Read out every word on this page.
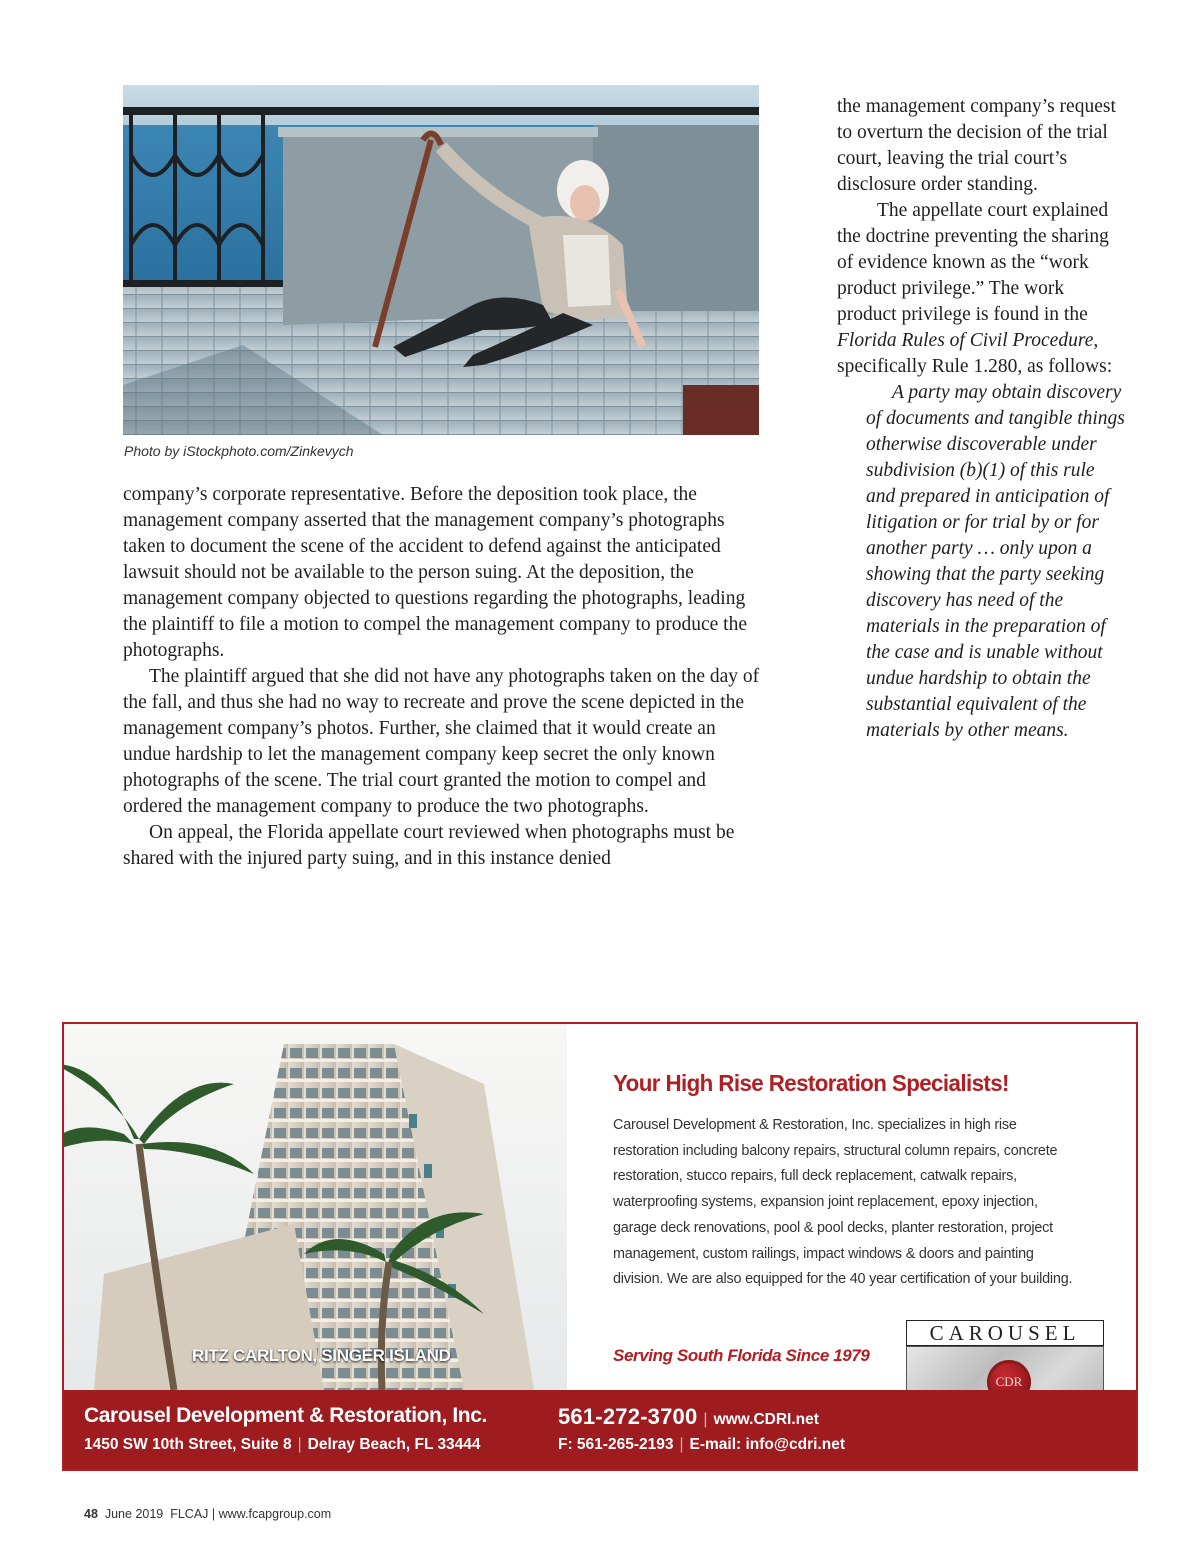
Photo by iStockphoto.com/Zinkevych

company’s corporate representative. Before the deposition took place, the management company asserted that the management company’s photographs taken to document the scene of the accident to defend against the anticipated lawsuit should not be available to the person suing. At the deposition, the management company objected to questions regarding the photographs, leading the plaintiff to file a motion to compel the management company to produce the photographs.

The plaintiff argued that she did not have any photographs taken on the day of the fall, and thus she had no way to recreate and prove the scene depicted in the management company’s photos. Further, she claimed that it would create an undue hardship to let the management company keep secret the only known photographs of the scene. The trial court granted the motion to compel and ordered the management company to produce the two photographs.

On appeal, the Florida appellate court reviewed when photographs must be shared with the injured party suing, and in this instance denied

the management company’s request to overturn the decision of the trial court, leaving the trial court’s disclosure order standing.

The appellate court explained the doctrine preventing the sharing of evidence known as the “work product privilege.” The work product privilege is found in the Florida Rules of Civil Procedure, specifically Rule 1.280, as follows:

A party may obtain discovery of documents and tangible things otherwise discoverable under subdivision (b)(1) of this rule and prepared in anticipation of litigation or for trial by or for another party … only upon a showing that the party seeking discovery has need of the materials in the preparation of the case and is unable without undue hardship to obtain the substantial equivalent of the materials by other means.

RITZ CARLTON, SINGER ISLAND

Your High Rise Restoration Specialists!

Carousel Development & Restoration, Inc. specializes in high rise restoration including balcony repairs, structural column repairs, concrete restoration, stucco repairs, full deck replacement, catwalk repairs, waterproofing systems, expansion joint replacement, epoxy injection, garage deck renovations, pool & pool decks, planter restoration, project management, custom railings, impact windows & doors and painting division. We are also equipped for the 40 year certification of your building.

Serving South Florida Since 1979

CAROUSEL
CDR

Carousel Development & Restoration, Inc.

1450 SW 10th Street, Suite 8 | Delray Beach, FL 33444

561-272-3700 | www.CDRI.net

F: 561-265-2193 | E-mail: info@cdri.net

48 June 2019 FLCAJ | www.fcapgroup.com
